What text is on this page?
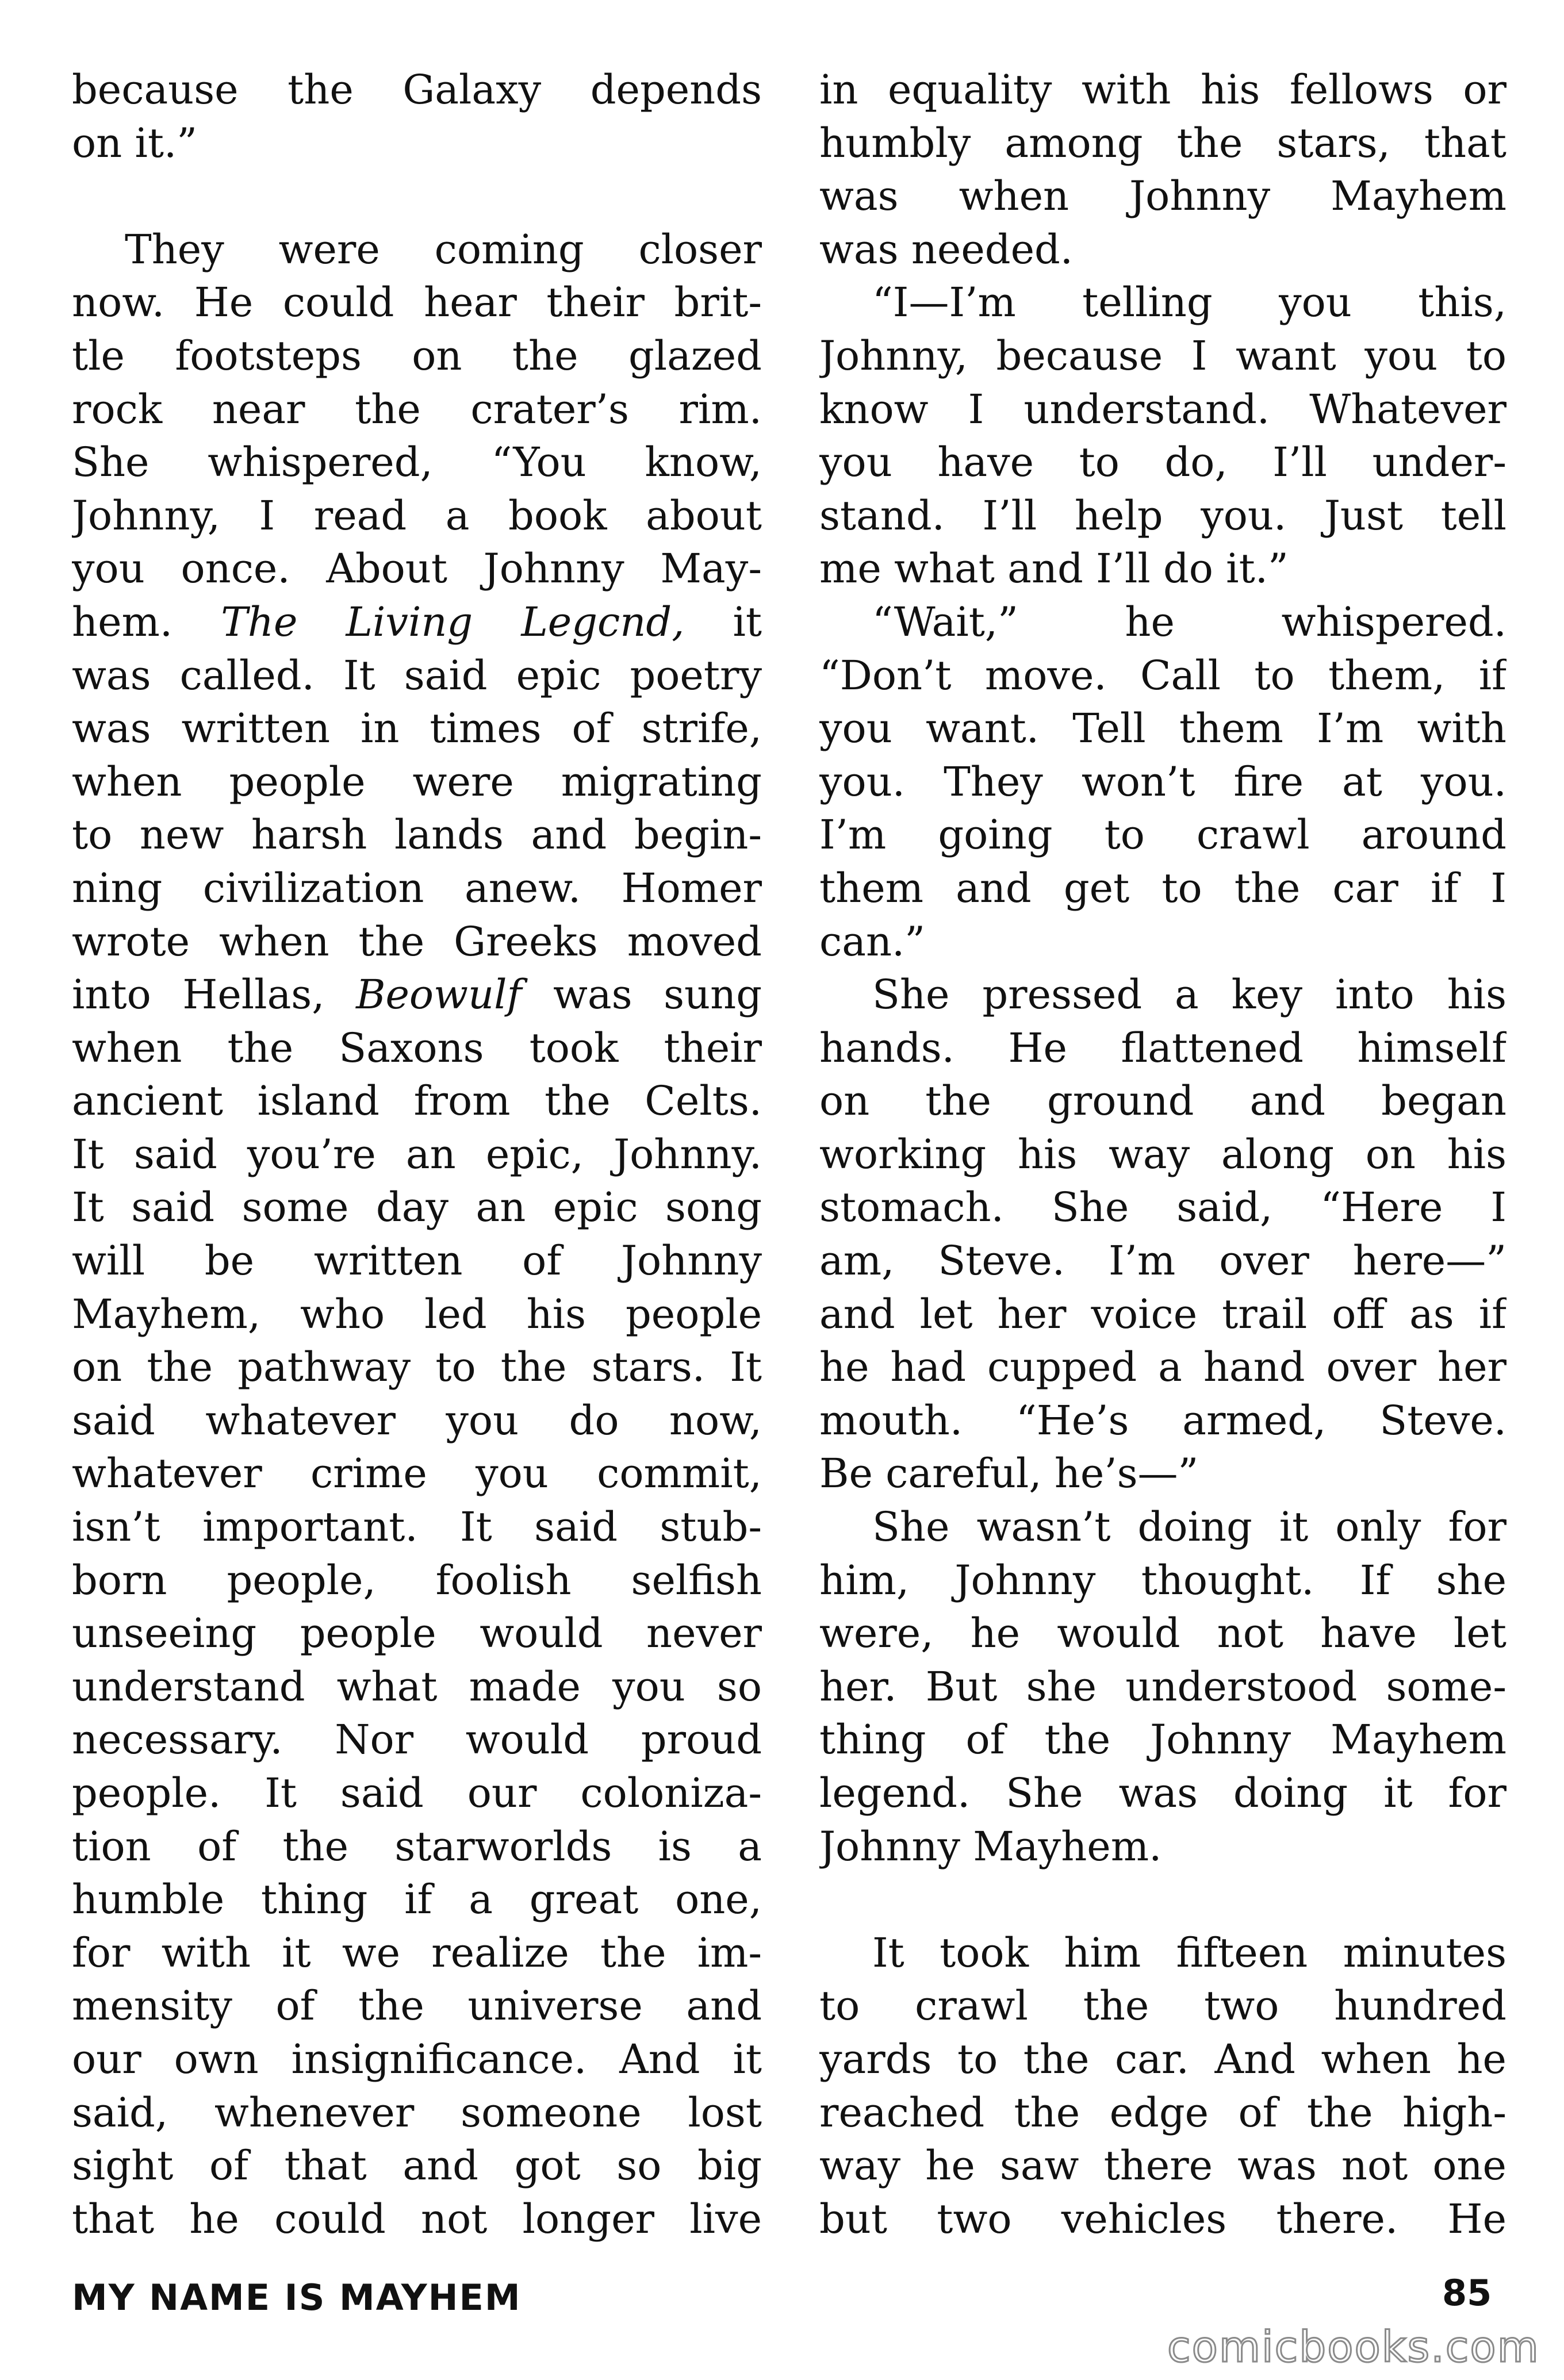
because the Galaxy depends
on it.”
They were coming closer
now. He could hear their brit-
tle footsteps on the glazed
rock near the crater’s rim.
She whispered, “You know,
Johnny, I read a book about
you once. About Johnny May-
hem. The Living Legcnd, it
was called. It said epic poetry
was written in times of strife,
when people were migrating
to new harsh lands and begin-
ning civilization anew. Homer
wrote when the Greeks moved
into Hellas, Beowulf was sung
when the Saxons took their
ancient island from the Celts.
It said you’re an epic, Johnny.
It said some day an epic song
will be written of Johnny
Mayhem, who led his people
on the pathway to the stars. It
said whatever you do now,
whatever crime you commit,
isn’t important. It said stub-
born people, foolish selfish
unseeing people would never
understand what made you so
necessary. Nor would proud
people. It said our coloniza-
tion of the starworlds is a
humble thing if a great one,
for with it we realize the im-
mensity of the universe and
our own insignificance. And it
said, whenever someone lost
sight of that and got so big
that he could not longer live
in equality with his fellows or
humbly among the stars, that
was when Johnny Mayhem
was needed.
“I—I’m telling you this,
Johnny, because I want you to
know I understand. Whatever
you have to do, I’ll under-
stand. I’ll help you. Just tell
me what and I’ll do it.”
“Wait,” he whispered.
“Don’t move. Call to them, if
you want. Tell them I’m with
you. They won’t fire at you.
I’m going to crawl around
them and get to the car if I
can.”
She pressed a key into his
hands. He flattened himself
on the ground and began
working his way along on his
stomach. She said, “Here I
am, Steve. I’m over here—”
and let her voice trail off as if
he had cupped a hand over her
mouth. “He’s armed, Steve.
Be careful, he’s—”
She wasn’t doing it only for
him, Johnny thought. If she
were, he would not have let
her. But she understood some-
thing of the Johnny Mayhem
legend. She was doing it for
Johnny Mayhem.
It took him fifteen minutes
to crawl the two hundred
yards to the car. And when he
reached the edge of the high-
way he saw there was not one
but two vehicles there. He
MY NAME IS MAYHEM	85
comicbooks.com
